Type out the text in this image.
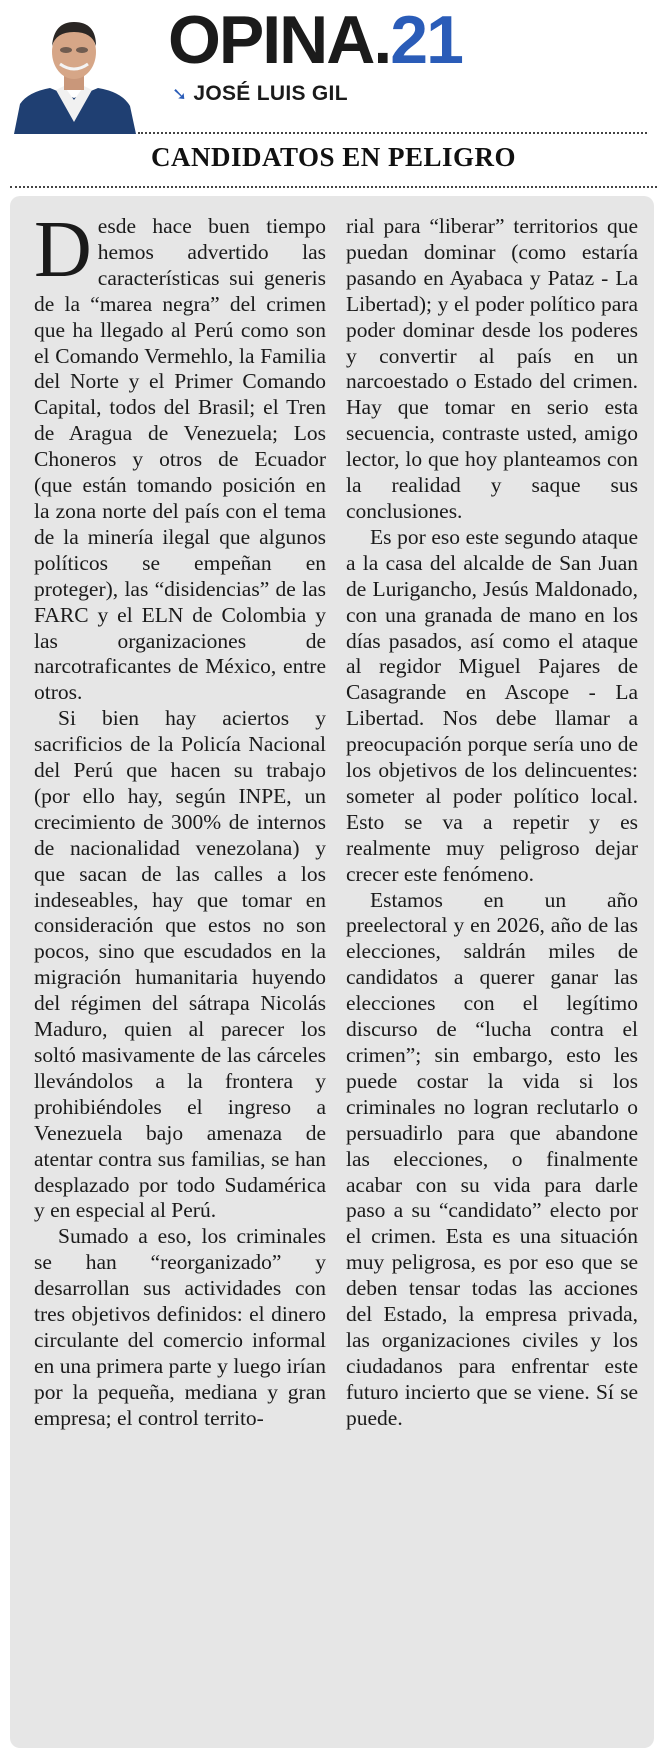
OPINA.21
➘ JOSÉ LUIS GIL
CANDIDATOS EN PELIGRO

Desde hace buen tiempo hemos advertido las características sui generis de la “marea negra” del crimen que ha llegado al Perú como son el Comando Vermehlo, la Familia del Norte y el Primer Comando Capital, todos del Brasil; el Tren de Aragua de Venezuela; Los Choneros y otros de Ecuador (que están tomando posición en la zona norte del país con el tema de la minería ilegal que algunos políticos se empeñan en proteger), las “disidencias” de las FARC y el ELN de Colombia y las organizaciones de narcotraficantes de México, entre otros.

Si bien hay aciertos y sacrificios de la Policía Nacional del Perú que hacen su trabajo (por ello hay, según INPE, un crecimiento de 300% de internos de nacionalidad venezolana) y que sacan de las calles a los indeseables, hay que tomar en consideración que estos no son pocos, sino que escudados en la migración humanitaria huyendo del régimen del sátrapa Nicolás Maduro, quien al parecer los soltó masivamente de las cárceles llevándolos a la frontera y prohibiéndoles el ingreso a Venezuela bajo amenaza de atentar contra sus familias, se han desplazado por todo Sudamérica y en especial al Perú.

Sumado a eso, los criminales se han “reorganizado” y desarrollan sus actividades con tres objetivos definidos: el dinero circulante del comercio informal en una primera parte y luego irían por la pequeña, mediana y gran empresa; el control territo-

rial para “liberar” territorios que puedan dominar (como estaría pasando en Ayabaca y Pataz - La Libertad); y el poder político para poder dominar desde los poderes y convertir al país en un narcoestado o Estado del crimen. Hay que tomar en serio esta secuencia, contraste usted, amigo lector, lo que hoy planteamos con la realidad y saque sus conclusiones.

Es por eso este segundo ataque a la casa del alcalde de San Juan de Lurigancho, Jesús Maldonado, con una granada de mano en los días pasados, así como el ataque al regidor Miguel Pajares de Casagrande en Ascope - La Libertad. Nos debe llamar a preocupación porque sería uno de los objetivos de los delincuentes: someter al poder político local. Esto se va a repetir y es realmente muy peligroso dejar crecer este fenómeno.

Estamos en un año preelectoral y en 2026, año de las elecciones, saldrán miles de candidatos a querer ganar las elecciones con el legítimo discurso de “lucha contra el crimen”; sin embargo, esto les puede costar la vida si los criminales no logran reclutarlo o persuadirlo para que abandone las elecciones, o finalmente acabar con su vida para darle paso a su “candidato” electo por el crimen. Esta es una situación muy peligrosa, es por eso que se deben tensar todas las acciones del Estado, la empresa privada, las organizaciones civiles y los ciudadanos para enfrentar este futuro incierto que se viene. Sí se puede.
